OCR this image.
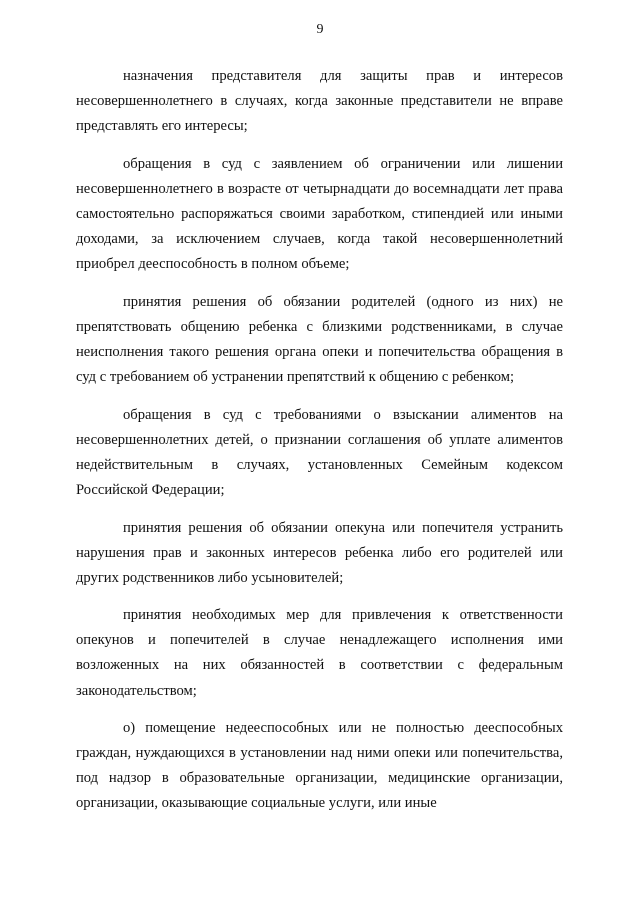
9

назначения представителя для защиты прав и интересов несовершеннолетнего в случаях, когда законные представители не вправе представлять его интересы;

обращения в суд с заявлением об ограничении или лишении несовершеннолетнего в возрасте от четырнадцати до восемнадцати лет права самостоятельно распоряжаться своими заработком, стипендией или иными доходами, за исключением случаев, когда такой несовершеннолетний приобрел дееспособность в полном объеме;

принятия решения об обязании родителей (одного из них) не препятствовать общению ребенка с близкими родственниками, в случае неисполнения такого решения органа опеки и попечительства обращения в суд с требованием об устранении препятствий к общению с ребенком;

обращения в суд с требованиями о взыскании алиментов на несовершеннолетних детей, о признании соглашения об уплате алиментов недействительным в случаях, установленных Семейным кодексом Российской Федерации;

принятия решения об обязании опекуна или попечителя устранить нарушения прав и законных интересов ребенка либо его родителей или других родственников либо усыновителей;

принятия необходимых мер для привлечения к ответственности опекунов и попечителей в случае ненадлежащего исполнения ими возложенных на них обязанностей в соответствии с федеральным законодательством;

о) помещение недееспособных или не полностью дееспособных граждан, нуждающихся в установлении над ними опеки или попечительства, под надзор в образовательные организации, медицинские организации, организации, оказывающие социальные услуги, или иные
